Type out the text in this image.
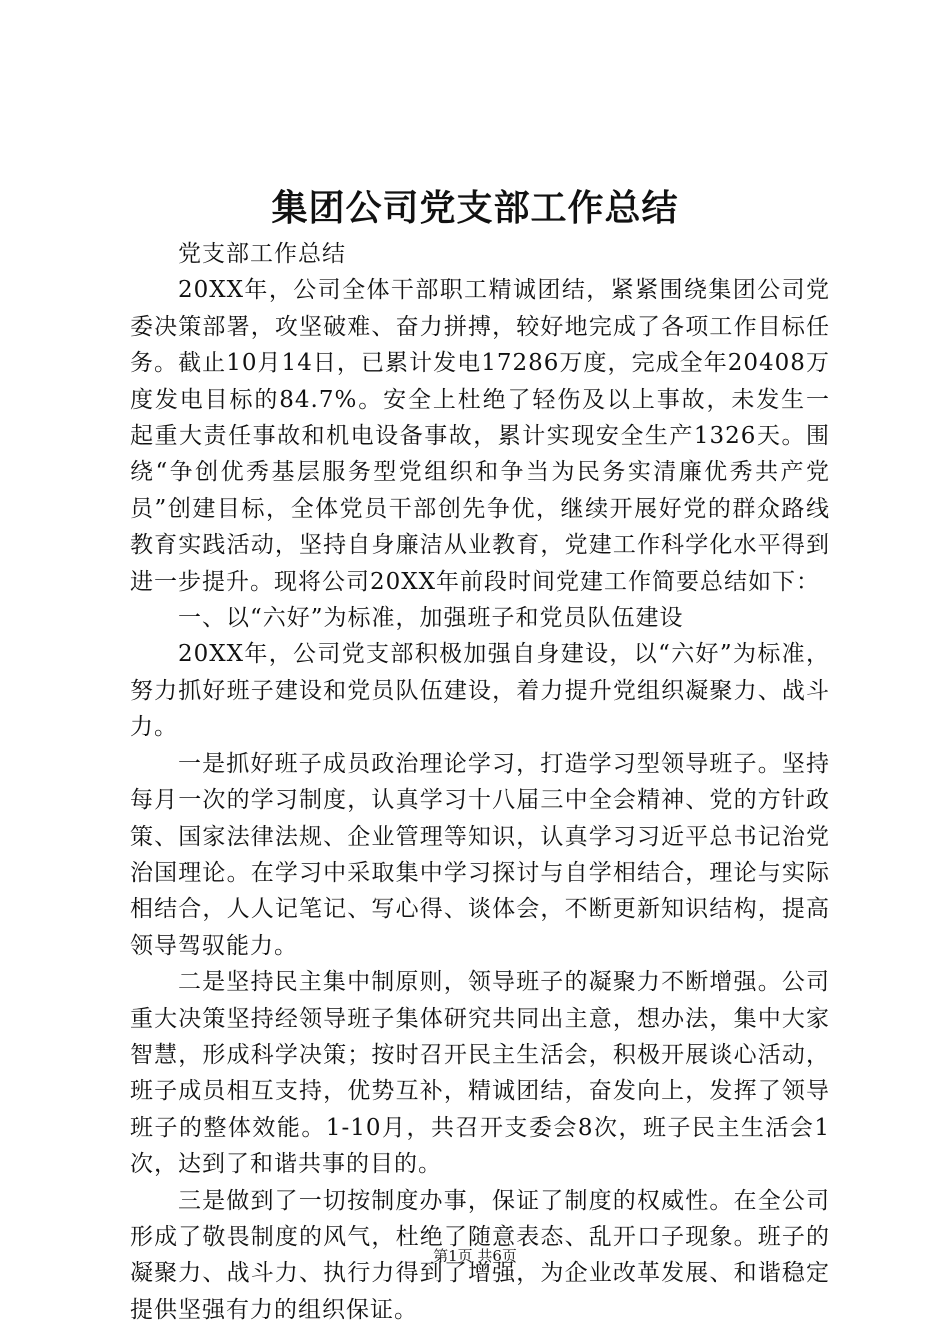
集团公司党支部工作总结

党支部工作总结

20XX年，公司全体干部职工精诚团结，紧紧围绕集团公司党委决策部署，攻坚破难、奋力拼搏，较好地完成了各项工作目标任务。截止10月14日，已累计发电17286万度，完成全年20408万度发电目标的84.7%。安全上杜绝了轻伤及以上事故，未发生一起重大责任事故和机电设备事故，累计实现安全生产1326天。围绕“争创优秀基层服务型党组织和争当为民务实清廉优秀共产党员”创建目标，全体党员干部创先争优，继续开展好党的群众路线教育实践活动，坚持自身廉洁从业教育，党建工作科学化水平得到进一步提升。现将公司20XX年前段时间党建工作简要总结如下：

一、以“六好”为标准，加强班子和党员队伍建设

20XX年，公司党支部积极加强自身建设，以“六好”为标准，努力抓好班子建设和党员队伍建设，着力提升党组织凝聚力、战斗力。

一是抓好班子成员政治理论学习，打造学习型领导班子。坚持每月一次的学习制度，认真学习十八届三中全会精神、党的方针政策、国家法律法规、企业管理等知识，认真学习习近平总书记治党治国理论。在学习中采取集中学习探讨与自学相结合，理论与实际相结合，人人记笔记、写心得、谈体会，不断更新知识结构，提高领导驾驭能力。

二是坚持民主集中制原则，领导班子的凝聚力不断增强。公司重大决策坚持经领导班子集体研究共同出主意，想办法，集中大家智慧，形成科学决策；按时召开民主生活会，积极开展谈心活动，班子成员相互支持，优势互补，精诚团结，奋发向上，发挥了领导班子的整体效能。1-10月，共召开支委会8次，班子民主生活会1次，达到了和谐共事的目的。

三是做到了一切按制度办事，保证了制度的权威性。在全公司形成了敬畏制度的风气，杜绝了随意表态、乱开口子现象。班子的凝聚力、战斗力、执行力得到了增强，为企业改革发展、和谐稳定提供坚强有力的组织保证。

第1页 共6页
